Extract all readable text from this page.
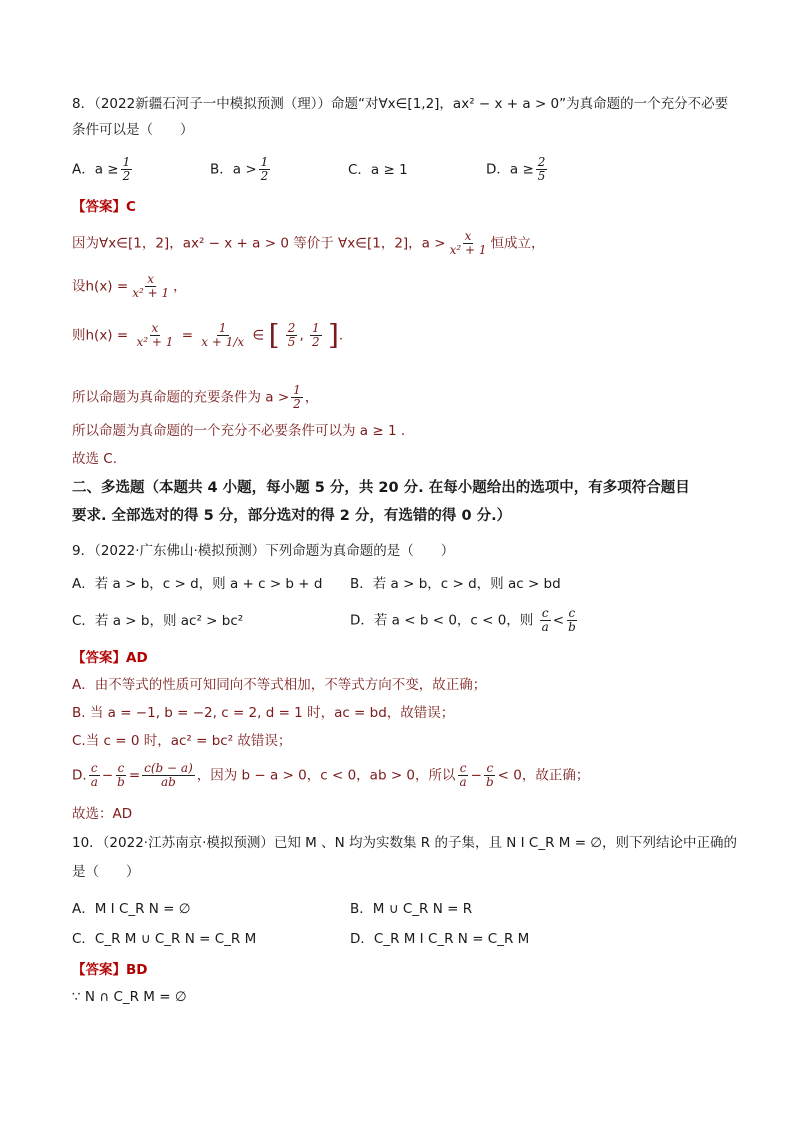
8．（2022新疆石河子一中模拟预测（理））命题“对∀x∈[1,2]，ax² − x + a > 0”为真命题的一个充分不必要
条件可以是（　　）
A．$a \ge \frac{1}{2}$	B．$a > \frac{1}{2}$	C．a ≥ 1	D．$a \ge \frac{2}{5}$
【答案】C
因为∀x∈[1，2]，ax² − x + a > 0 等价于 ∀x∈[1，2]，$a > \frac{x}{\text{x² + 1}}$ 恒成立，
设$h(x) = \frac{x}{\text{x² + 1}}$ ，
则$h(x) = \frac{x}{\text{x² + 1}} = \frac{1}{x + 1/x}$ ∈ [ $\frac{2}{5}$ , $\frac{1}{2}$ ].
所以命题为真命题的充要条件为 $a > \frac{1}{2}$ ，
所以命题为真命题的一个充分不必要条件可以为 a ≥ 1 .
故选 C.
二、多选题（本题共 4 小题，每小题 5 分，共 20 分. 在每小题给出的选项中，有多项符合题目
要求. 全部选对的得 5 分，部分选对的得 2 分，有选错的得 0 分.）
9．（2022·广东佛山·模拟预测）下列命题为真命题的是（　　）
A．若 a > b，c > d，则 a + c > b + d B．若 a > b，c > d，则 ac > bd
C．若 a > b，则 ac² > bc²	D．若 a < b < 0，c < 0，则 $\frac{c}{a} < \frac{c}{b}$
【答案】AD
A．由不等式的性质可知同向不等式相加，不等式方向不变，故正确；
B. 当 a = −1, b = −2, c = 2, d = 1 时，ac = bd，故错误；
C.当 c = 0 时，ac² = bc² 故错误；
D. $\frac{c}{a} - \frac{c}{b} = \frac{c(b - a)}{ab}$ ，因为 b − a > 0，c < 0，ab > 0，所以 $\frac{c}{a} - \frac{c}{b} < 0$，故正确；
故选：AD
10．（2022·江苏南京·模拟预测）已知 M 、N 均为实数集 R 的子集，且 N I C_R M = ∅，则下列结论中正确的
是（　　）
A．M I C_R N = ∅	B．M ∪ C_R N = R
C．C_R M ∪ C_R N = C_R M	D．C_R M I C_R N = C_R M
【答案】BD
∵ N ∩ C_R M = ∅
